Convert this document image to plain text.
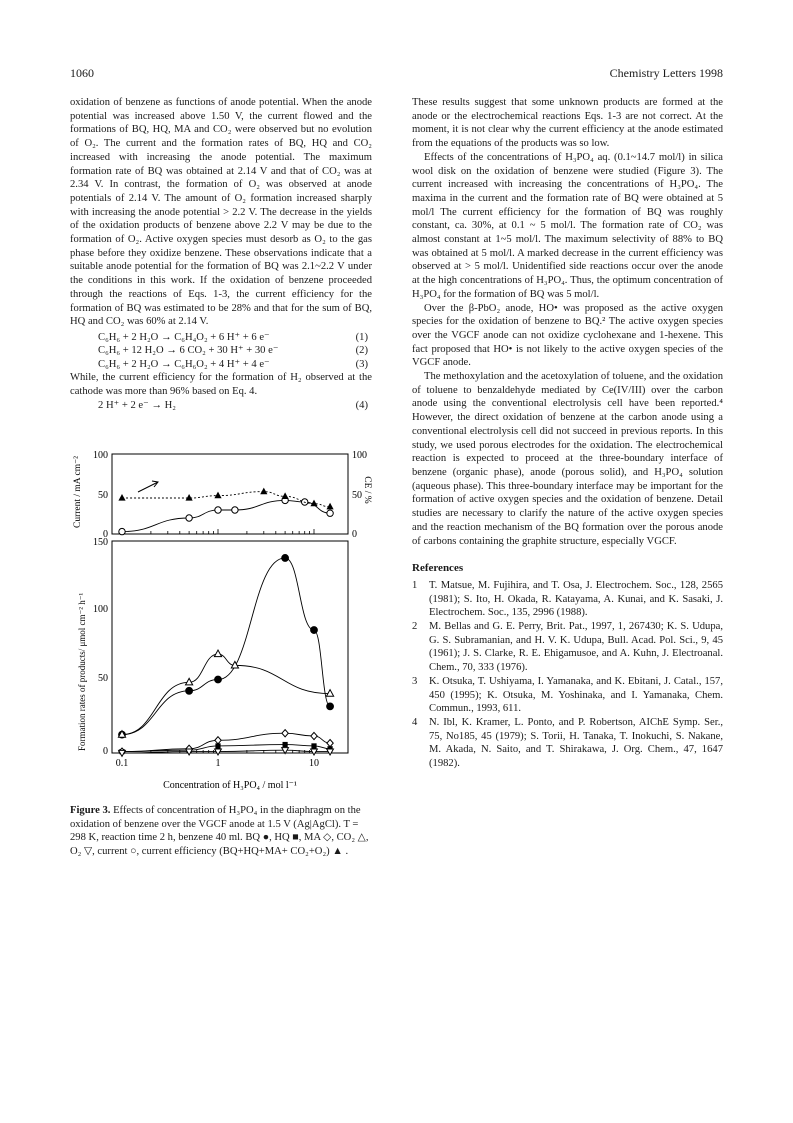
1060	Chemistry Letters 1998

oxidation of benzene as functions of anode potential. When the anode potential was increased above 1.50 V, the current flowed and the formations of BQ, HQ, MA and CO₂ were observed but no evolution of O₂. The current and the formation rates of BQ, HQ and CO₂ increased with increasing the anode potential. The maximum formation rate of BQ was obtained at 2.14 V and that of CO₂ was at 2.34 V. In contrast, the formation of O₂ was observed at anode potentials of 2.14 V. The amount of O₂ formation increased sharply with increasing the anode potential > 2.2 V. The decrease in the yields of the oxidation products of benzene above 2.2 V may be due to the formation of O₂. Active oxygen species must desorb as O₂ to the gas phase before they oxidize benzene. These observations indicate that a suitable anode potential for the formation of BQ was 2.1~2.2 V under the conditions in this work. If the oxidation of benzene proceeded through the reactions of Eqs. 1-3, the current efficiency for the formation of BQ was estimated to be 28% and that for the sum of BQ, HQ and CO₂ was 60% at 2.14 V.

C₆H₆ + 2 H₂O → C₆H₄O₂ + 6 H⁺ + 6 e⁻	(1)
C₆H₆ + 12 H₂O → 6 CO₂ + 30 H⁺ + 30 e⁻	(2)
C₆H₆ + 2 H₂O → C₆H₆O₂ + 4 H⁺ + 4 e⁻	(3)

While, the current efficiency for the formation of H₂ observed at the cathode was more than 96% based on Eq. 4.

2 H⁺ + 2 e⁻ → H₂	(4)
100
50
0
100
50
0
Current / mA cm⁻²	CE / %
150
100
50
0
0.1	1	10
Formation rates of products/ μmol cm⁻² h⁻¹
Concentration of H₃PO₄ / mol l⁻¹
Figure 3. Effects of concentration of H₃PO₄ in the diaphragm on the oxidation of benzene over the VGCF anode at 1.5 V (Ag|AgCl). T = 298 K, reaction time 2 h, benzene 40 ml. BQ ●, HQ ■, MA ◇, CO₂ △, O₂ ▽, current ○, current efficiency (BQ+HQ+MA+ CO₂+O₂) ▲ .

These results suggest that some unknown products are formed at the anode or the electrochemical reactions Eqs. 1-3 are not correct. At the moment, it is not clear why the current efficiency at the anode estimated from the equations of the products was so low.

Effects of the concentrations of H₃PO₄ aq. (0.1~14.7 mol/l) in silica wool disk on the oxidation of benzene were studied (Figure 3). The current increased with increasing the concentrations of H₃PO₄. The maxima in the current and the formation rate of BQ were obtained at 5 mol/l The current efficiency for the formation of BQ was roughly constant, ca. 30%, at 0.1 ~ 5 mol/l. The formation rate of CO₂ was almost constant at 1~5 mol/l. The maximum selectivity of 88% to BQ was obtained at 5 mol/l. A marked decrease in the current efficiency was observed at > 5 mol/l. Unidentified side reactions occur over the anode at the high concentrations of H₃PO₄. Thus, the optimum concentration of H₃PO₄ for the formation of BQ was 5 mol/l.

Over the β-PbO₂ anode, HO• was proposed as the active oxygen species for the oxidation of benzene to BQ.² The active oxygen species over the VGCF anode can not oxidize cyclohexane and 1-hexene. This fact proposed that HO• is not likely to the active oxygen species of the VGCF anode.

The methoxylation and the acetoxylation of toluene, and the oxidation of toluene to benzaldehyde mediated by Ce(IV/III) over the carbon anode using the conventional electrolysis cell have been reported.⁴ However, the direct oxidation of benzene at the carbon anode using a conventional electrolysis cell did not succeed in previous reports. In this study, we used porous electrodes for the oxidation. The electrochemical reaction is expected to proceed at the three-boundary interface of benzene (organic phase), anode (porous solid), and H₃PO₄ solution (aqueous phase). This three-boundary interface may be important for the formation of active oxygen species and the oxidation of benzene. Detail studies are necessary to clarify the nature of the active oxygen species and the reaction mechanism of the BQ formation over the porous anode of carbons containing the graphite structure, especially VGCF.

References

1 T. Matsue, M. Fujihira, and T. Osa, J. Electrochem. Soc., 128, 2565 (1981); S. Ito, H. Okada, R. Katayama, A. Kunai, and K. Sasaki, J. Electrochem. Soc., 135, 2996 (1988).

2 M. Bellas and G. E. Perry, Brit. Pat., 1997, 1, 267430; K. S. Udupa, G. S. Subramanian, and H. V. K. Udupa, Bull. Acad. Pol. Sci., 9, 45 (1961); J. S. Clarke, R. E. Ehigamusoe, and A. Kuhn, J. Electroanal. Chem., 70, 333 (1976).

3 K. Otsuka, T. Ushiyama, I. Yamanaka, and K. Ebitani, J. Catal., 157, 450 (1995); K. Otsuka, M. Yoshinaka, and I. Yamanaka, Chem. Commun., 1993, 611.

4 N. Ibl, K. Kramer, L. Ponto, and P. Robertson, AIChE Symp. Ser., 75, No185, 45 (1979); S. Torii, H. Tanaka, T. Inokuchi, S. Nakane, M. Akada, N. Saito, and T. Shirakawa, J. Org. Chem., 47, 1647 (1982).
